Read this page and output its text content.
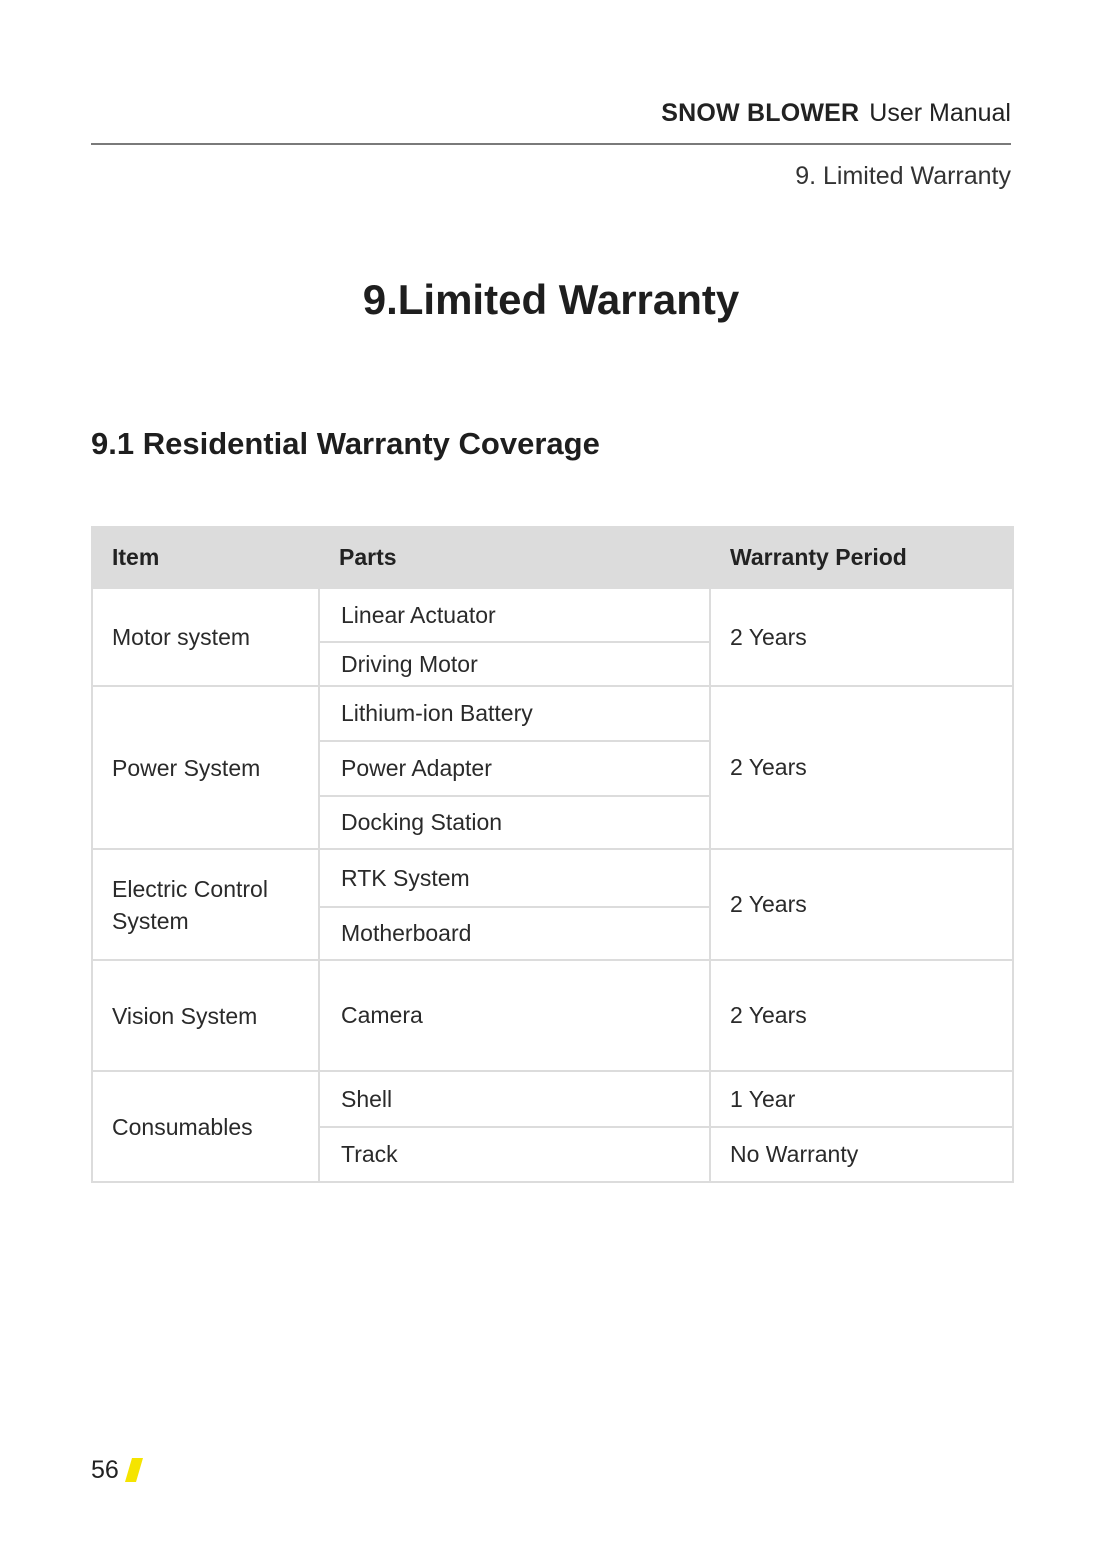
SNOW BLOWER User Manual
9. Limited Warranty
9.Limited Warranty
9.1 Residential Warranty Coverage
Item	Parts	Warranty Period
Motor system	Linear Actuator	2 Years
	Driving Motor	
Power System	Lithium-ion Battery	2 Years
	Power Adapter	
	Docking Station	
Electric Control System	RTK System	2 Years
	Motherboard	
Vision System	Camera	2 Years
Consumables	Shell	1 Year
	Track	No Warranty
56
